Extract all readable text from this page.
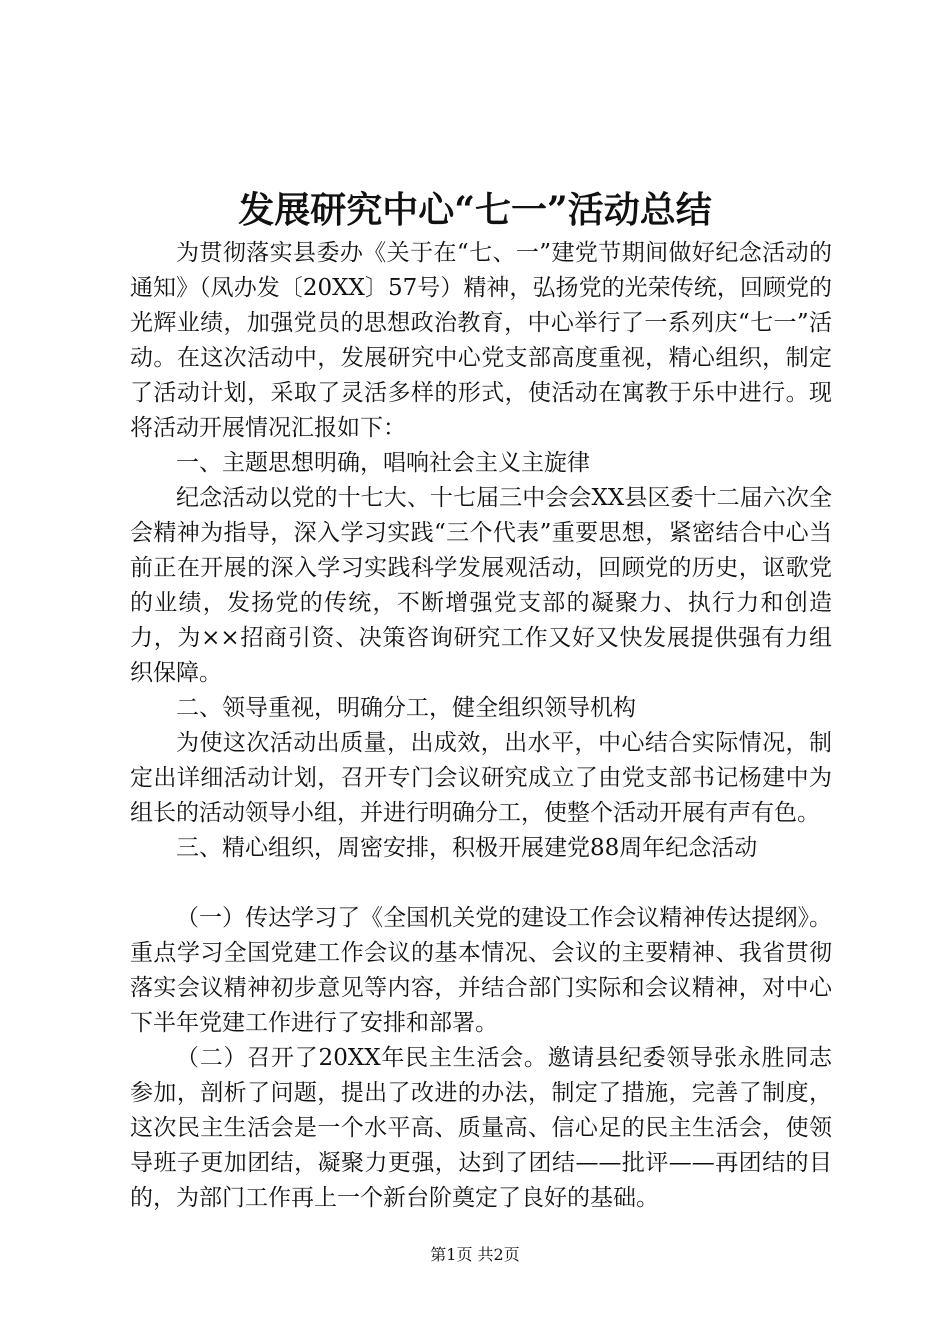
发展研究中心“七一”活动总结

为贯彻落实县委办《关于在“七、一”建党节期间做好纪念活动的通知》（凤办发〔20XX〕57号）精神，弘扬党的光荣传统，回顾党的光辉业绩，加强党员的思想政治教育，中心举行了一系列庆“七一”活动。在这次活动中，发展研究中心党支部高度重视，精心组织，制定了活动计划，采取了灵活多样的形式，使活动在寓教于乐中进行。现将活动开展情况汇报如下：

一、主题思想明确，唱响社会主义主旋律

纪念活动以党的十七大、十七届三中会会XX县区委十二届六次全会精神为指导，深入学习实践“三个代表”重要思想，紧密结合中心当前正在开展的深入学习实践科学发展观活动，回顾党的历史，讴歌党的业绩，发扬党的传统，不断增强党支部的凝聚力、执行力和创造力，为××招商引资、决策咨询研究工作又好又快发展提供强有力组织保障。

二、领导重视，明确分工，健全组织领导机构

为使这次活动出质量，出成效，出水平，中心结合实际情况，制定出详细活动计划，召开专门会议研究成立了由党支部书记杨建中为组长的活动领导小组，并进行明确分工，使整个活动开展有声有色。

三、精心组织，周密安排，积极开展建党88周年纪念活动

（一）传达学习了《全国机关党的建设工作会议精神传达提纲》。重点学习全国党建工作会议的基本情况、会议的主要精神、我省贯彻落实会议精神初步意见等内容，并结合部门实际和会议精神，对中心下半年党建工作进行了安排和部署。

（二）召开了20XX年民主生活会。邀请县纪委领导张永胜同志参加，剖析了问题，提出了改进的办法，制定了措施，完善了制度，这次民主生活会是一个水平高、质量高、信心足的民主生活会，使领导班子更加团结，凝聚力更强，达到了团结——批评——再团结的目的，为部门工作再上一个新台阶奠定了良好的基础。

第1页 共2页
